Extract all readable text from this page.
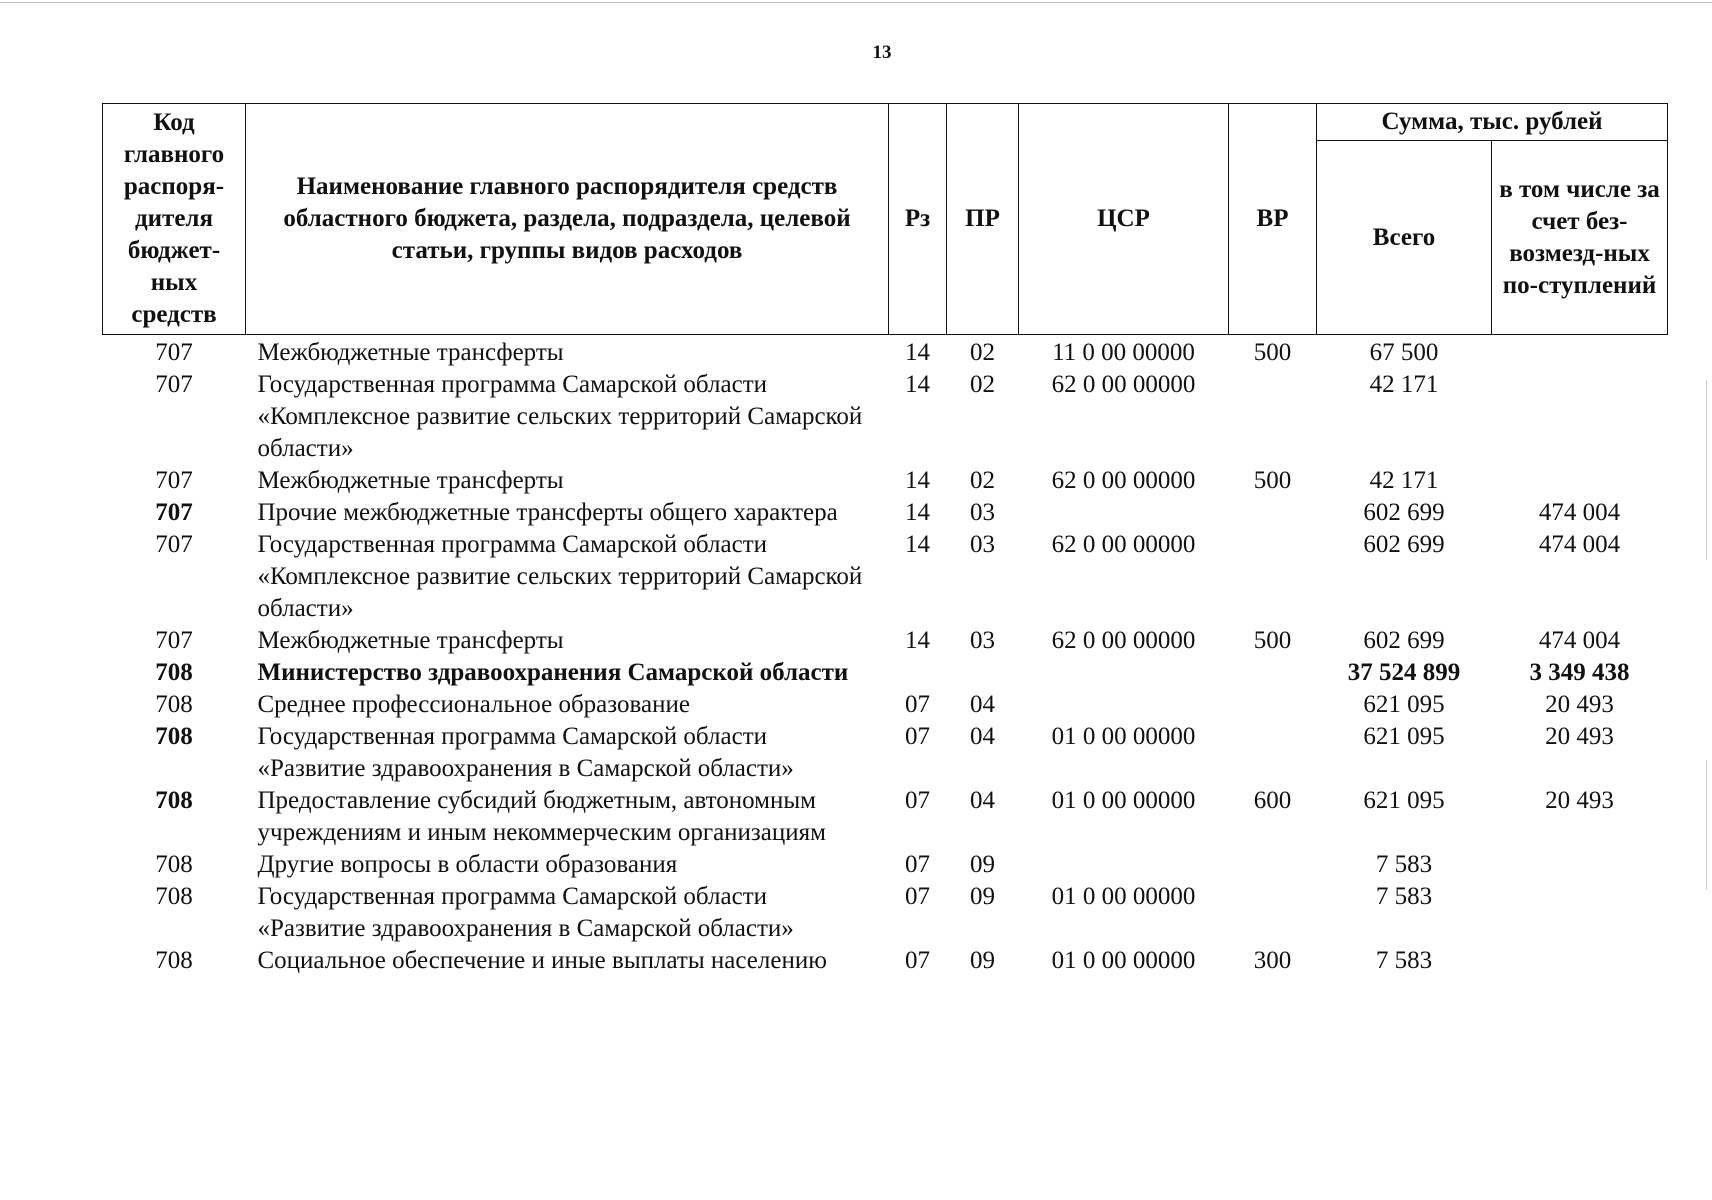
13
Код главного распоря-дителя бюджет-ных средств	Наименование главного распорядителя средств областного бюджета, раздела, подраздела, целевой статьи, группы видов расходов	Рз	ПР	ЦСР	ВР	Сумма, тыс. рублей	
						Всего	в том числе за счет без-возмезд-ных по-ступлений
707	Межбюджетные трансферты	14	02	11 0 00 00000	500	67 500	
707	Государственная программа Самарской области «Комплексное развитие сельских территорий Самарской области»	14	02	62 0 00 00000		42 171	
707	Межбюджетные трансферты	14	02	62 0 00 00000	500	42 171	
707	Прочие межбюджетные трансферты общего характера	14	03			602 699	474 004
707	Государственная программа Самарской области «Комплексное развитие сельских территорий Самарской области»	14	03	62 0 00 00000		602 699	474 004
707	Межбюджетные трансферты	14	03	62 0 00 00000	500	602 699	474 004
708	Министерство здравоохранения Самарской области					37 524 899	3 349 438
708	Среднее профессиональное образование	07	04			621 095	20 493
708	Государственная программа Самарской области «Развитие здравоохранения в Самарской области»	07	04	01 0 00 00000		621 095	20 493
708	Предоставление субсидий бюджетным, автономным учреждениям и иным некоммерческим организациям	07	04	01 0 00 00000	600	621 095	20 493
708	Другие вопросы в области образования	07	09			7 583	
708	Государственная программа Самарской области «Развитие здравоохранения в Самарской области»	07	09	01 0 00 00000		7 583	
708	Социальное обеспечение и иные выплаты населению	07	09	01 0 00 00000	300	7 583	
